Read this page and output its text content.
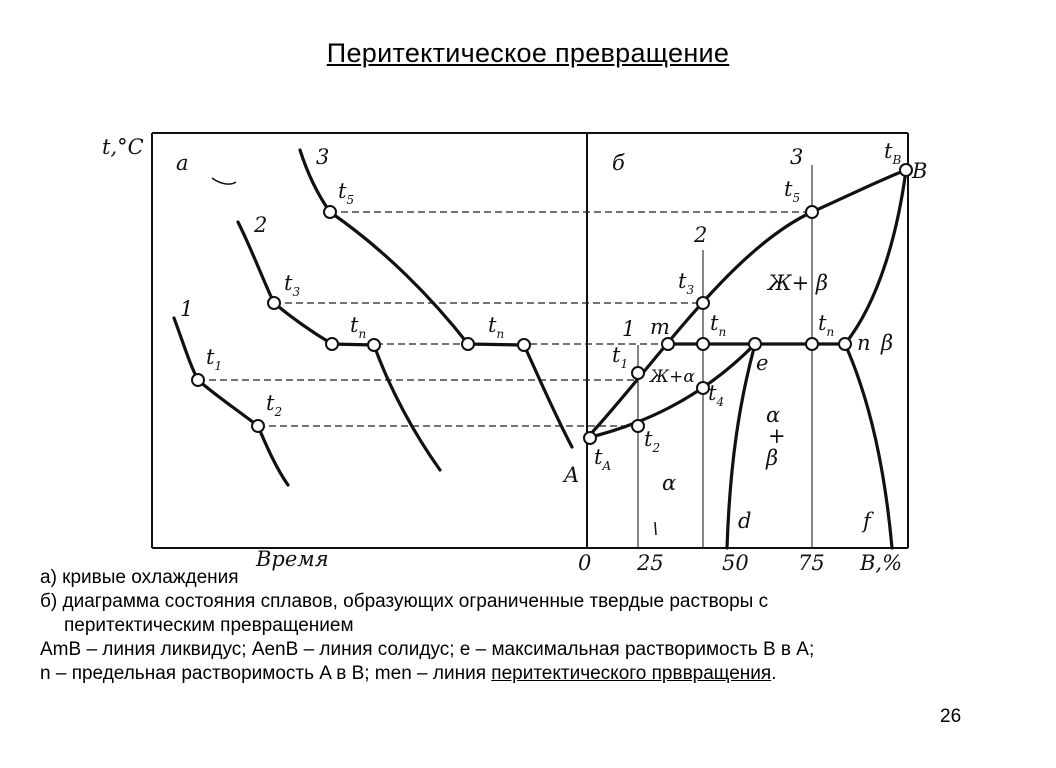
Перитектическое превращение
t,°C
а
1
2
3
$t_1$
$t_2$
$t_3$
$t_5$
$t_п$	$t_п$
Время
б
1
2
3
A
B
m
e
n
d	f
Ж+ β
Ж+α
α
β
α
+
β
$t_B$
$t_5$
$t_3$
$t_п$	$t_п$
$t_1$
$t_4$
$t_A$
$t_2$
0 25	50 75 B,%
а) кривые охлаждения
б) диаграмма состояния сплавов, образующих ограниченные твердые растворы с
перитектическим превращением
AmB – линия ликвидус; AenB – линия солидус; e – максимальная растворимость B в A;
n – предельная растворимость A в B; men – линия перитектического прввращения.
26
